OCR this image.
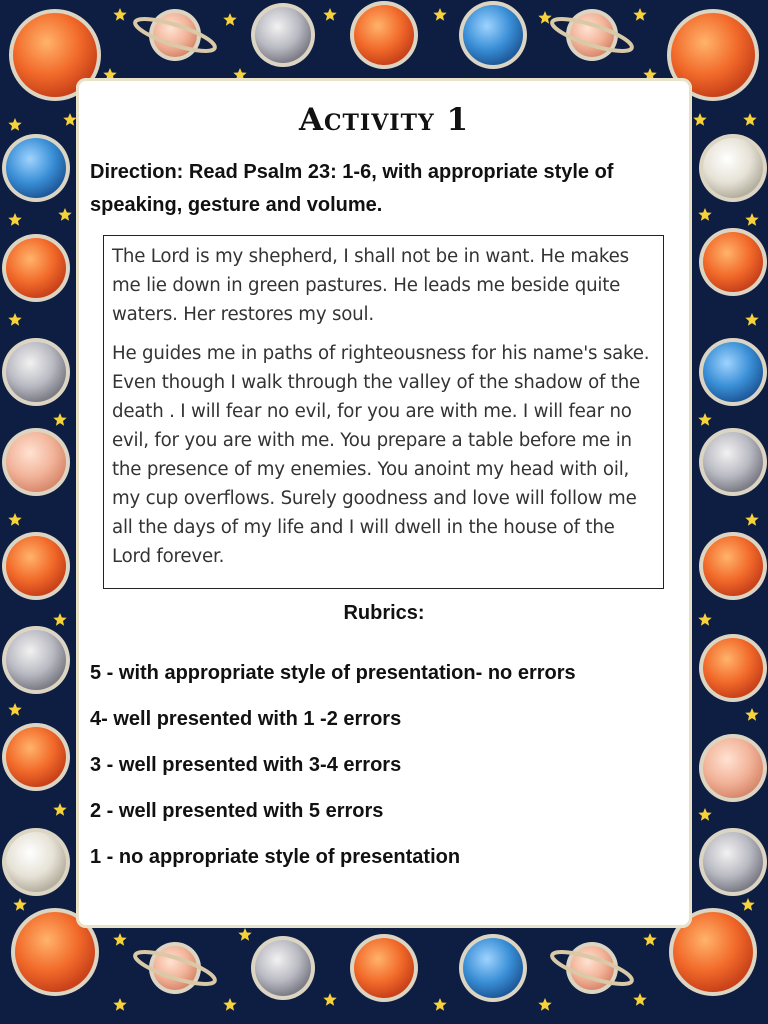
Activity 1
Direction: Read Psalm 23: 1-6, with appropriate style of speaking, gesture and volume.

The Lord is my shepherd, I shall not be in want. He makes me lie down in green pastures. He leads me beside quite waters. Her restores my soul.

He guides me in paths of righteousness for his name's sake. Even though I walk through the valley of the shadow of the death . I will fear no evil, for you are with me. I will fear no evil, for you are with me. You prepare a table before me in the presence of my enemies. You anoint my head with oil, my cup overflows. Surely goodness and love will follow me all the days of my life and I will dwell in the house of the Lord forever.

Rubrics:
5 - with appropriate style of presentation- no errors
4- well presented with 1 -2 errors
3 - well presented with 3-4 errors
2 - well presented with 5 errors
1 - no appropriate style of presentation
